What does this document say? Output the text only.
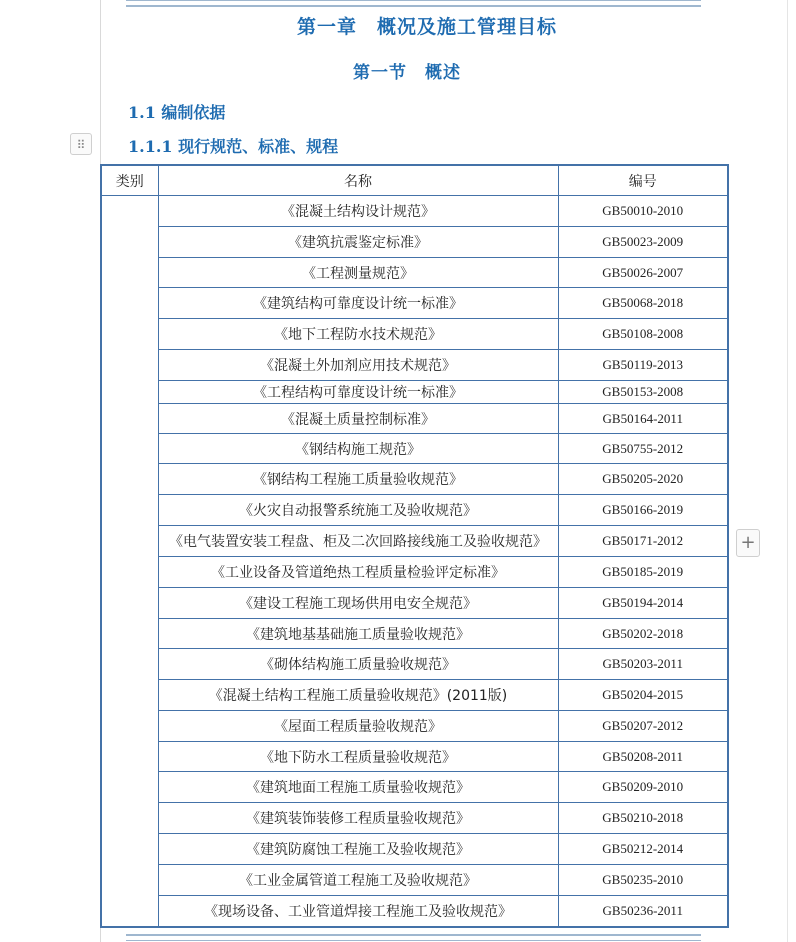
第一章　概况及施工管理目标
第一节　概述
1.1 编制依据
1.1.1 现行规范、标准、规程
⠿
+
类别	名称	编号
	《混凝土结构设计规范》	GB50010-2010
	《建筑抗震鉴定标准》	GB50023-2009
	《工程测量规范》	GB50026-2007
	《建筑结构可靠度设计统一标准》	GB50068-2018
	《地下工程防水技术规范》	GB50108-2008
	《混凝土外加剂应用技术规范》	GB50119-2013
	《工程结构可靠度设计统一标准》	GB50153-2008
	《混凝土质量控制标准》	GB50164-2011
	《钢结构施工规范》	GB50755-2012
	《钢结构工程施工质量验收规范》	GB50205-2020
	《火灾自动报警系统施工及验收规范》	GB50166-2019
	《电气装置安装工程盘、柜及二次回路接线施工及验收规范》	GB50171-2012
	《工业设备及管道绝热工程质量检验评定标准》	GB50185-2019
	《建设工程施工现场供用电安全规范》	GB50194-2014
	《建筑地基基础施工质量验收规范》	GB50202-2018
	《砌体结构施工质量验收规范》	GB50203-2011
	《混凝土结构工程施工质量验收规范》(2011版)	GB50204-2015
	《屋面工程质量验收规范》	GB50207-2012
	《地下防水工程质量验收规范》	GB50208-2011
	《建筑地面工程施工质量验收规范》	GB50209-2010
	《建筑装饰装修工程质量验收规范》	GB50210-2018
	《建筑防腐蚀工程施工及验收规范》	GB50212-2014
	《工业金属管道工程施工及验收规范》	GB50235-2010
	《现场设备、工业管道焊接工程施工及验收规范》	GB50236-2011
